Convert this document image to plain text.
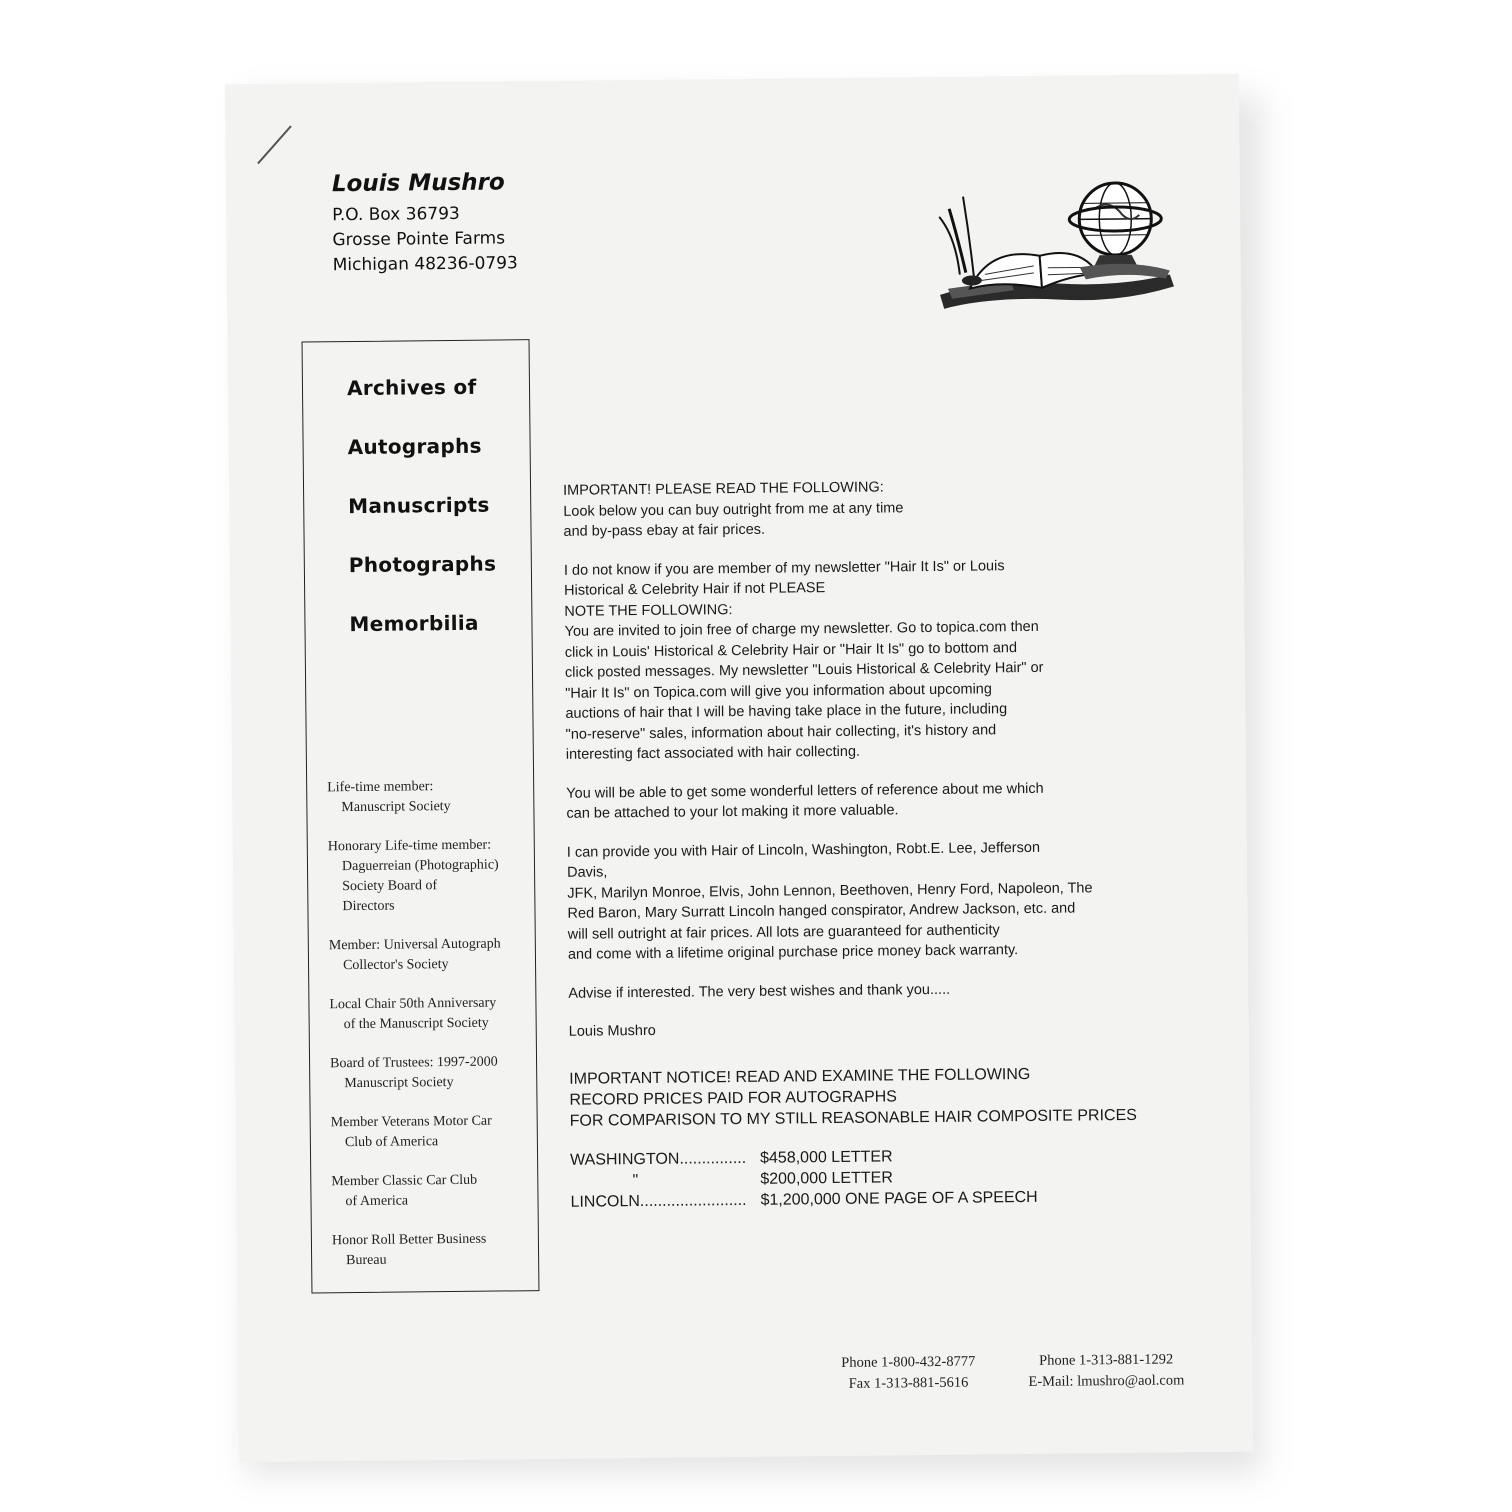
Louis Mushro
P.O. Box 36793
Grosse Pointe Farms
Michigan 48236-0793
Archives of
Autographs
Manuscripts
Photographs
Memorbilia
Life-time member:
Manuscript Society
Honorary Life-time member:
Daguerreian (Photographic)
Society Board of
Directors
Member: Universal Autograph
Collector's Society
Local Chair 50th Anniversary
of the Manuscript Society
Board of Trustees: 1997-2000
Manuscript Society
Member Veterans Motor Car
Club of America
Member Classic Car Club
of America
Honor Roll Better Business
Bureau
IMPORTANT! PLEASE READ THE FOLLOWING:
Look below you can buy outright from me at any time
and by-pass ebay at fair prices.
I do not know if you are member of my newsletter "Hair It Is" or Louis
Historical & Celebrity Hair if not PLEASE
NOTE THE FOLLOWING:
You are invited to join free of charge my newsletter. Go to topica.com then
click in Louis' Historical & Celebrity Hair or "Hair It Is" go to bottom and
click posted messages. My newsletter "Louis Historical & Celebrity Hair" or
"Hair It Is" on Topica.com will give you information about upcoming
auctions of hair that I will be having take place in the future, including
"no-reserve" sales, information about hair collecting, it's history and
interesting fact associated with hair collecting.
You will be able to get some wonderful letters of reference about me which
can be attached to your lot making it more valuable.
I can provide you with Hair of Lincoln, Washington, Robt.E. Lee, Jefferson
Davis,
JFK, Marilyn Monroe, Elvis, John Lennon, Beethoven, Henry Ford, Napoleon, The
Red Baron, Mary Surratt Lincoln hanged conspirator, Andrew Jackson, etc. and
will sell outright at fair prices. All lots are guaranteed for authenticity
and come with a lifetime original purchase price money back warranty.
Advise if interested. The very best wishes and thank you.....
Louis Mushro
IMPORTANT NOTICE! READ AND EXAMINE THE FOLLOWING
RECORD PRICES PAID FOR AUTOGRAPHS
FOR COMPARISON TO MY STILL REASONABLE HAIR COMPOSITE PRICES
WASHINGTON............... $458,000 LETTER
"	$200,000 LETTER
LINCOLN........................ $1,200,000 ONE PAGE OF A SPEECH
Phone 1-800-432-8777
Fax 1-313-881-5616
Phone 1-313-881-1292
E-Mail: lmushro@aol.com
